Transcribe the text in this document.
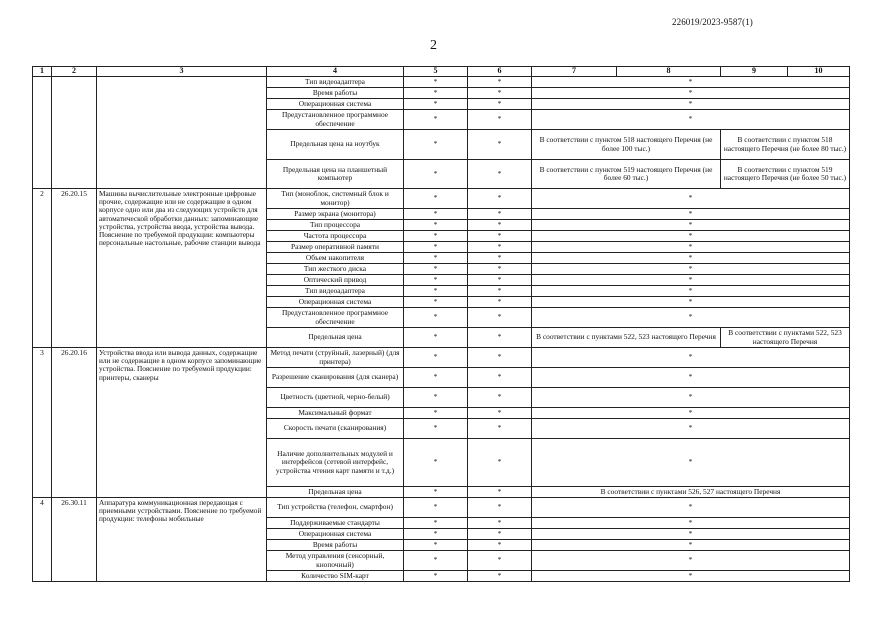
226019/2023-9587(1)
2
1	2	3	4	5	6	7	8	9	10
			Тип видеоадаптера	*	*	*			
			Время работы	*	*	*			
			Операционная система	*	*	*			
			Предустановленное программное обеспечение	*	*	*			
			Предельная цена на ноутбук	*	*	В соответствии с пунктом 518 настоящего Перечня (не более 100 тыс.)		В соответствии с пунктом 518 настоящего Перечня (не более 80 тыс.)	
			Предельная цена на планшетный компьютер	*	*	В соответствии с пунктом 519 настоящего Перечня (не более 60 тыс.)		В соответствии с пунктом 519 настоящего Перечня (не более 50 тыс.)	
2	26.20.15	Машины вычислительные электронные цифровые прочие, содержащие или не содержащие в одном корпусе одно или два из следующих устройств для автоматической обработки данных: запоминающие устройства, устройства ввода, устройства вывода. Пояснение по требуемой продукции: компьютеры персональные настольные, рабочие станции вывода	Тип (моноблок, системный блок и монитор)	*	*	*			
			Размер экрана (монитора)	*	*	*			
			Тип процессора	*	*	*			
			Частота процессора	*	*	*			
			Размер оперативной памяти	*	*	*			
			Объем накопителя	*	*	*			
			Тип жесткого диска	*	*	*			
			Оптический привод	*	*	*			
			Тип видеоадаптера	*	*	*			
			Операционная система	*	*	*			
			Предустановленное программное обеспечение	*	*	*			
			Предельная цена	*	*	В соответствии с пунктами 522, 523 настоящего Перечня		В соответствии с пунктами 522, 523 настоящего Перечня	
3	26.20.16	Устройства ввода или вывода данных, содержащие или не содержащие в одном корпусе запоминающие устройства. Пояснение по требуемой продукции: принтеры, сканеры	Метод печати (струйный, лазерный) (для принтера)	*	*	*			
			Разрешение сканирования (для сканера)	*	*	*			
			Цветность (цветной, черно-белый)	*	*	*			
			Максимальный формат	*	*	*			
			Скорость печати (сканирования)	*	*	*			
			Наличие дополнительных модулей и интерфейсов (сетевой интерфейс, устройства чтения карт памяти и т.д.)	*	*	*			
			Предельная цена	*	*	В соответствии с пунктами 526, 527 настоящего Перечня			
4	26.30.11	Аппаратура коммуникационная передающая с приемными устройствами. Пояснение по требуемой продукции: телефоны мобильные	Тип устройства (телефон, смартфон)	*	*	*			
			Поддерживаемые стандарты	*	*	*			
			Операционная система	*	*	*			
			Время работы	*	*	*			
			Метод управления (сенсорный, кнопочный)	*	*	*			
			Количество SIM-карт	*	*	*			
